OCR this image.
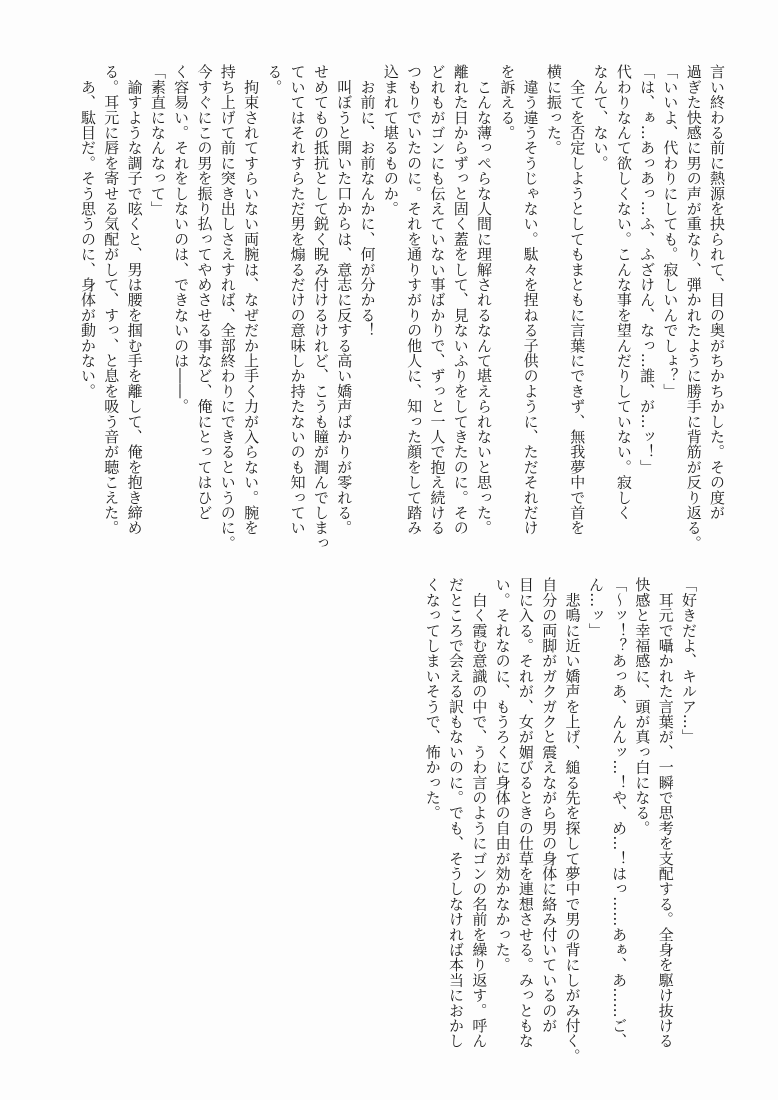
言い終わる前に熱源を抉られて、目の奥がちかちかした。その度が
過ぎた快感に男の声が重なり、弾かれたように勝手に背筋が反り返る。
「いいよ、代わりにしても。寂しいんでしょ？」
「は、ぁ…あっあっ…ふ、ふざけん、なっ…誰、が…ッ！」
代わりなんて欲しくない。こんな事を望んだりしていない。寂しく
なんて、ない。
　全てを否定しようとしてもまともに言葉にできず、無我夢中で首を
横に振った。
　違う違うそうじゃない。駄々を捏ねる子供のように、ただそれだけ
を訴える。
　こんな薄っぺらな人間に理解されるなんて堪えられないと思った。
離れた日からずっと固く蓋をして、見ないふりをしてきたのに。その
どれもがゴンにも伝えていない事ばかりで、ずっと一人で抱え続ける
つもりでいたのに。それを通りすがりの他人に、知った顔をして踏み
込まれて堪るものか。
　お前に、お前なんかに、何が分かる！
　叫ぼうと開いた口からは、意志に反する高い嬌声ばかりが零れる。
せめてもの抵抗として鋭く睨み付けるけれど、こうも瞳が潤んでしまっ
ていてはそれすらただ男を煽るだけの意味しか持たないのも知ってい
る。
　拘束されてすらいない両腕は、なぜだか上手く力が入らない。腕を
持ち上げて前に突き出しさえすれば、全部終わりにできるというのに。
今すぐにこの男を振り払ってやめさせる事など、俺にとってはひど
く容易い。それをしないのは、できないのは――。
「素直になんなって」
　諭すような調子で呟くと、男は腰を掴む手を離して、俺を抱き締め
る。耳元に唇を寄せる気配がして、すっ、と息を吸う音が聴こえた。
　あ、駄目だ。そう思うのに、身体が動かない。
「好きだよ、キルア…」
　耳元で囁かれた言葉が、一瞬で思考を支配する。全身を駆け抜ける
快感と幸福感に、頭が真っ白になる。
「〜ッ！？あっあ、んんッ…！や、め…！はっ……あぁ、あ……ご、
ん…ッ」
　悲鳴に近い嬌声を上げ、縋る先を探して夢中で男の背にしがみ付く。
自分の両脚がガクガクと震えながら男の身体に絡み付いているのが
目に入る。それが、女が媚びるときの仕草を連想させる。みっともな
い。それなのに、もうろくに身体の自由が効かなかった。
　白く霞む意識の中で、うわ言のようにゴンの名前を繰り返す。呼ん
だところで会える訳もないのに。でも、そうしなければ本当におかし
くなってしまいそうで、怖かった。
